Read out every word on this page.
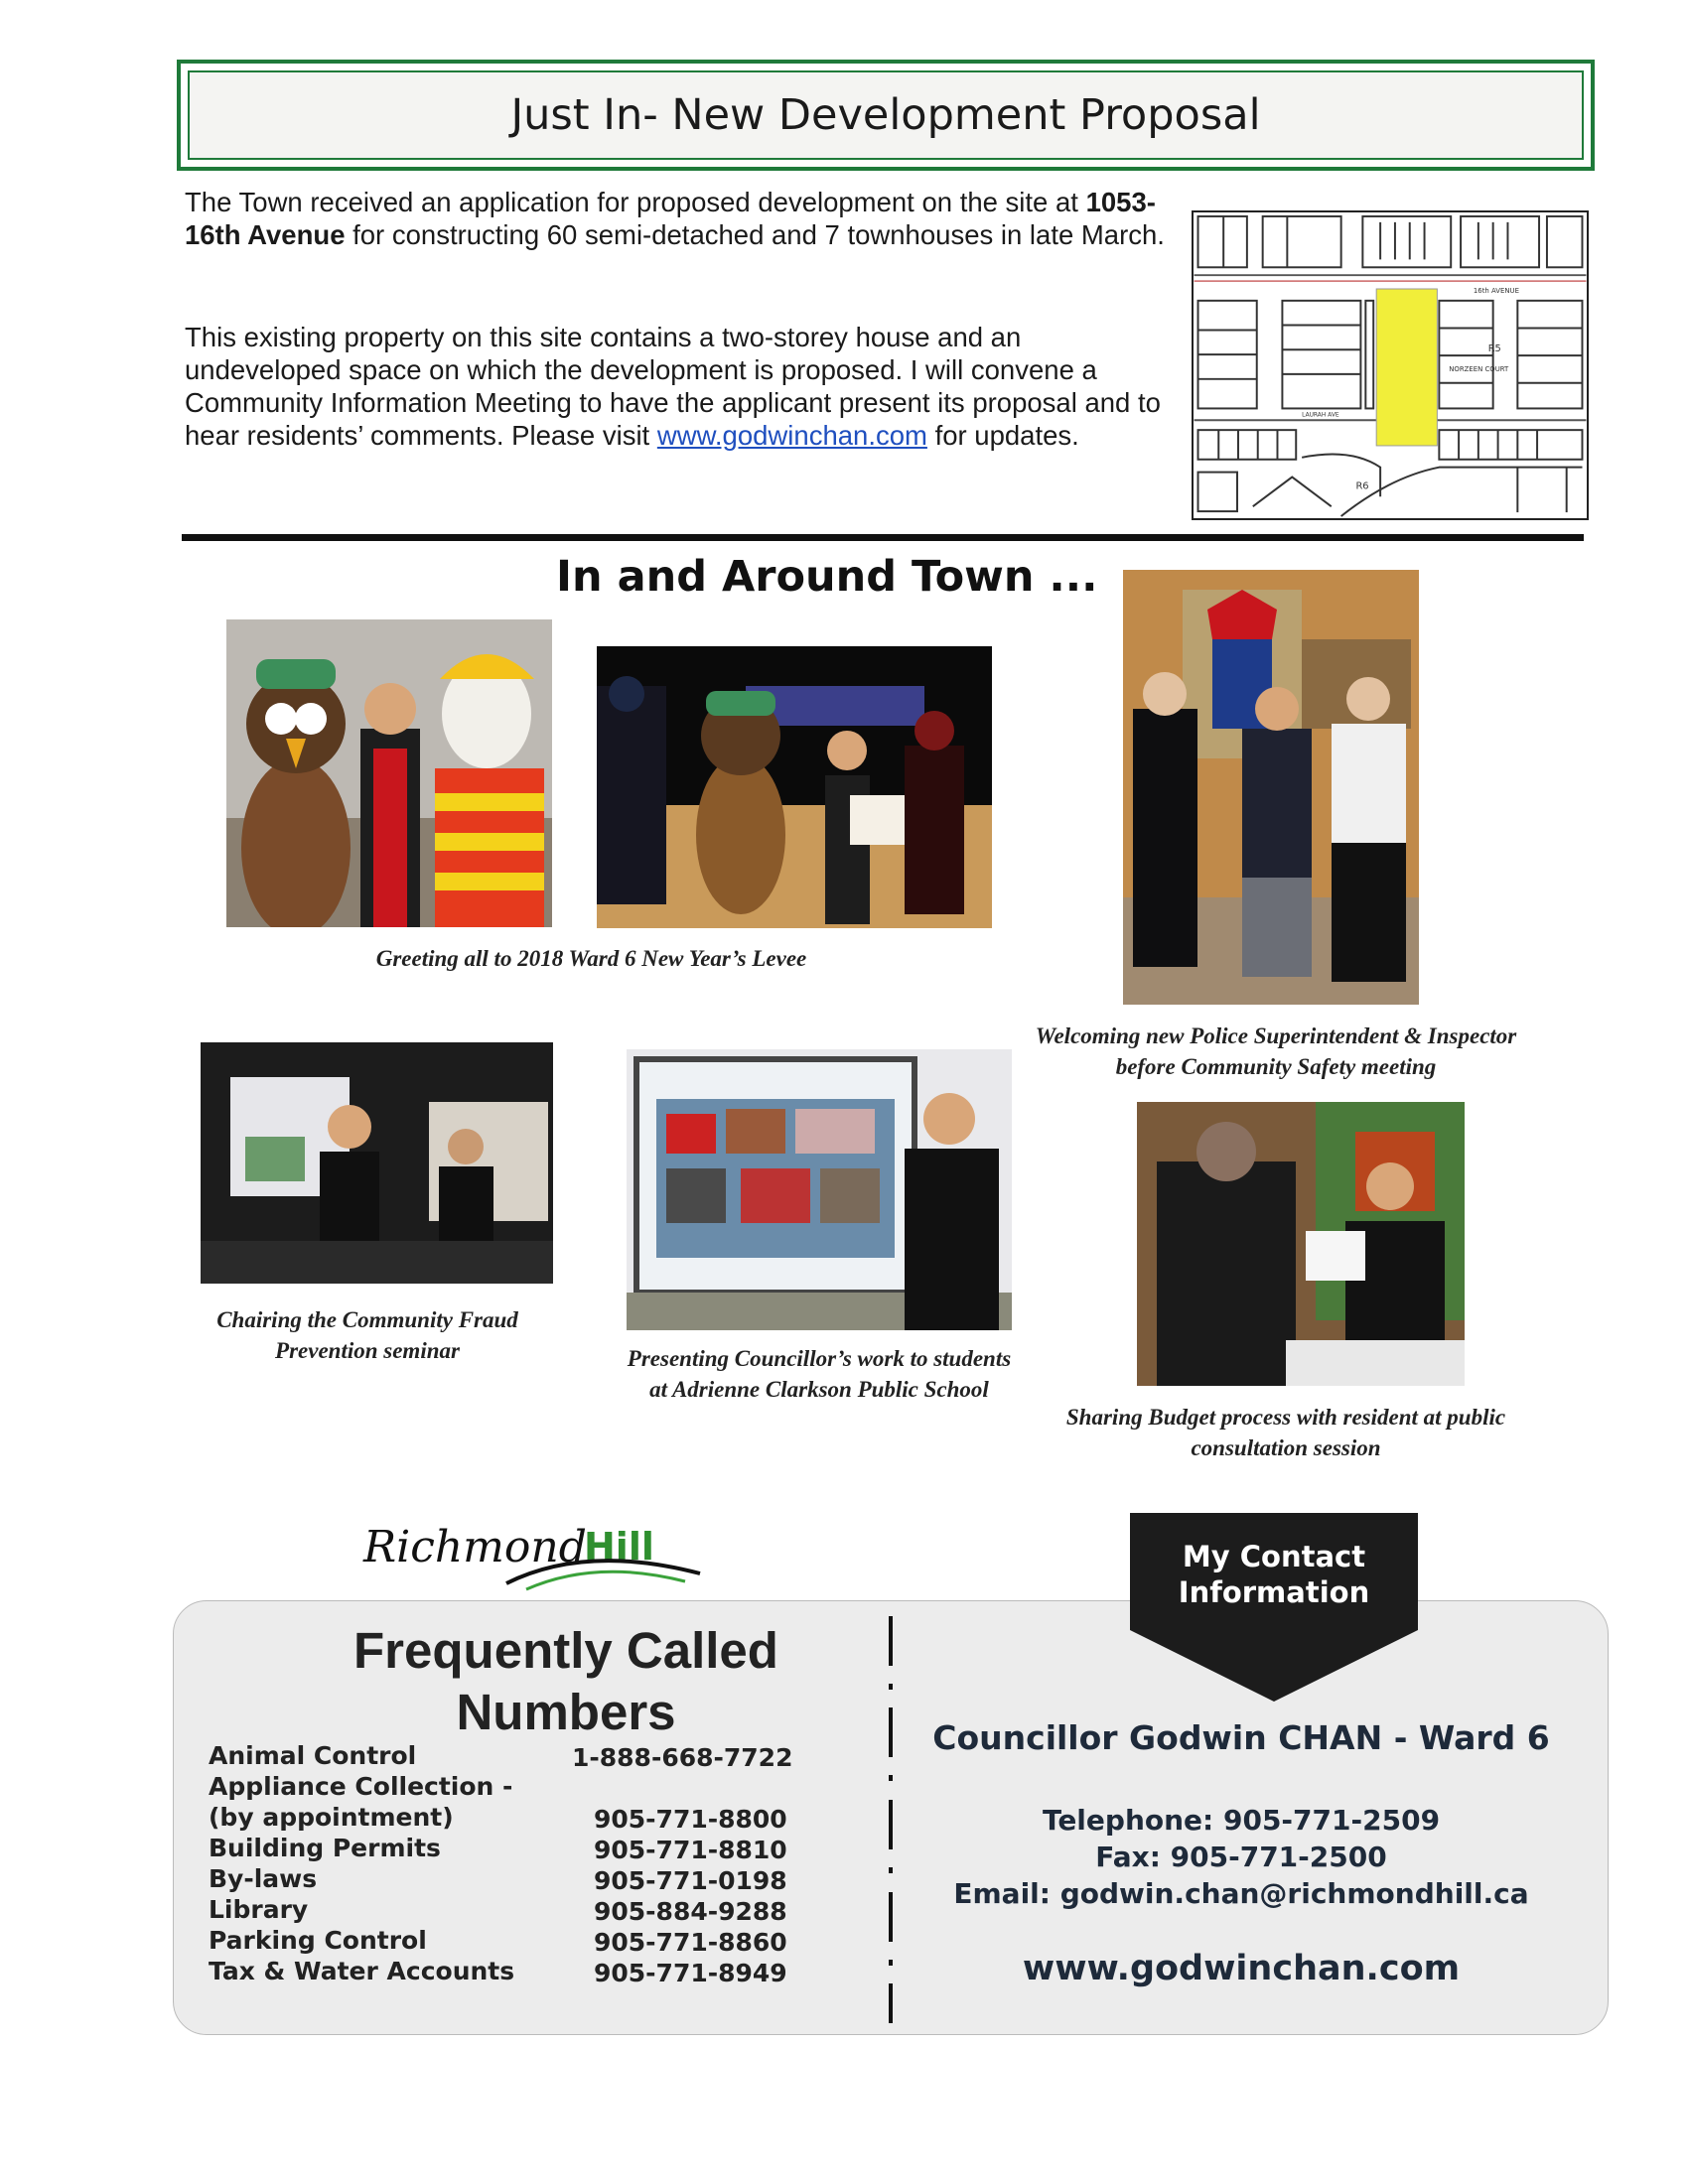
Just In- New Development Proposal
The Town received an application for proposed development on the site at 1053-16th Avenue for constructing 60 semi-detached and 7 townhouses in late March.
This existing property on this site contains a two-storey house and an undeveloped space on which the development is proposed. I will convene a Community Information Meeting to have the applicant present its proposal and to hear residents’ comments. Please visit www.godwinchan.com for updates.
16th AVENUE
NORZEEN COURT
LAURAH AVE
R5
R6
In and Around Town ...
Greeting all to 2018 Ward 6 New Year’s Levee
Welcoming new Police Superintendent & Inspector before Community Safety meeting
Chairing the Community Fraud Prevention seminar	Presenting Councillor’s work to students at Adrienne Clarkson Public School
Sharing Budget process with resident at public consultation session
Richmond
Hill
Frequently Called Numbers
Animal Control	1-888-668-7722
Appliance Collection -
(by appointment)	905-771-8800
Building Permits	905-771-8810
By-laws	905-771-0198
Library	905-884-9288
Parking Control	905-771-8860
Tax & Water Accounts	905-771-8949
My Contact
Information
Councillor Godwin CHAN - Ward 6
Telephone: 905-771-2509
Fax: 905-771-2500
Email: godwin.chan@richmondhill.ca
www.godwinchan.com
